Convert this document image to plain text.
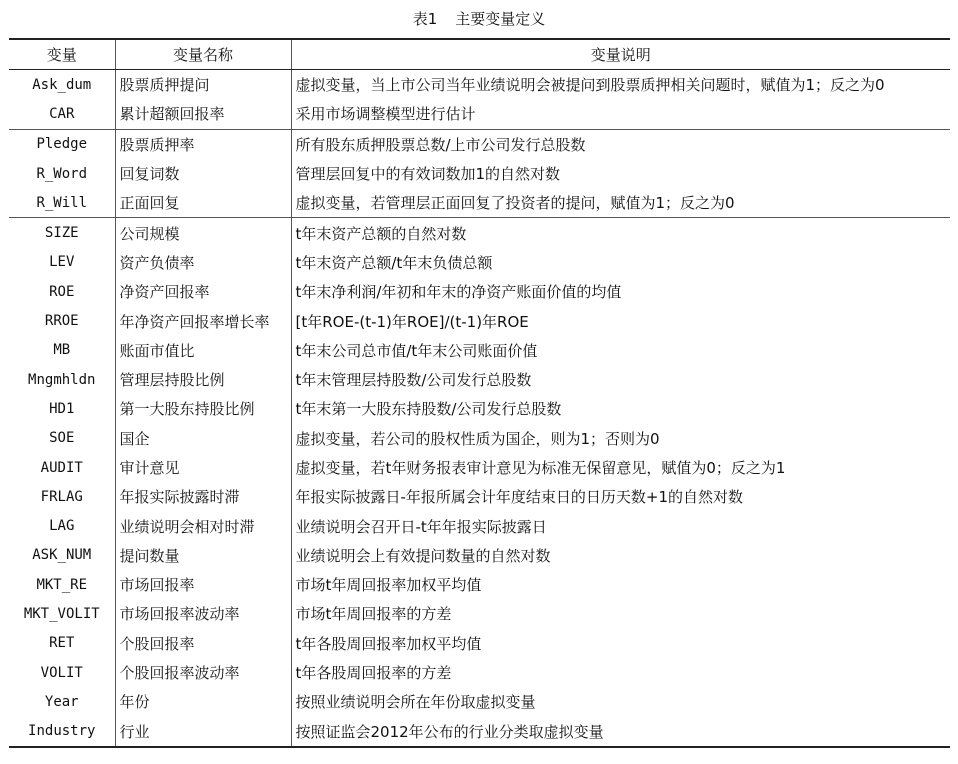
表1 主要变量定义
变量	变量名称	变量说明
Ask_dum	股票质押提问	虚拟变量，当上市公司当年业绩说明会被提问到股票质押相关问题时，赋值为1；反之为0
CAR	累计超额回报率	采用市场调整模型进行估计
Pledge	股票质押率	所有股东质押股票总数/上市公司发行总股数
R_Word	回复词数	管理层回复中的有效词数加1的自然对数
R_Will	正面回复	虚拟变量，若管理层正面回复了投资者的提问，赋值为1；反之为0
SIZE	公司规模	t年末资产总额的自然对数
LEV	资产负债率	t年末资产总额/t年末负债总额
ROE	净资产回报率	t年末净利润/年初和年末的净资产账面价值的均值
RROE	年净资产回报率增长率	[t年ROE-(t-1)年ROE]/(t-1)年ROE
MB	账面市值比	t年末公司总市值/t年末公司账面价值
Mngmhldn	管理层持股比例	t年末管理层持股数/公司发行总股数
HD1	第一大股东持股比例	t年末第一大股东持股数/公司发行总股数
SOE	国企	虚拟变量，若公司的股权性质为国企，则为1；否则为0
AUDIT	审计意见	虚拟变量，若t年财务报表审计意见为标准无保留意见，赋值为0；反之为1
FRLAG	年报实际披露时滞	年报实际披露日-年报所属会计年度结束日的日历天数+1的自然对数
LAG	业绩说明会相对时滞	业绩说明会召开日-t年年报实际披露日
ASK_NUM	提问数量	业绩说明会上有效提问数量的自然对数
MKT_RE	市场回报率	市场t年周回报率加权平均值
MKT_VOLIT	市场回报率波动率	市场t年周回报率的方差
RET	个股回报率	t年各股周回报率加权平均值
VOLIT	个股回报率波动率	t年各股周回报率的方差
Year	年份	按照业绩说明会所在年份取虚拟变量
Industry	行业	按照证监会2012年公布的行业分类取虚拟变量
